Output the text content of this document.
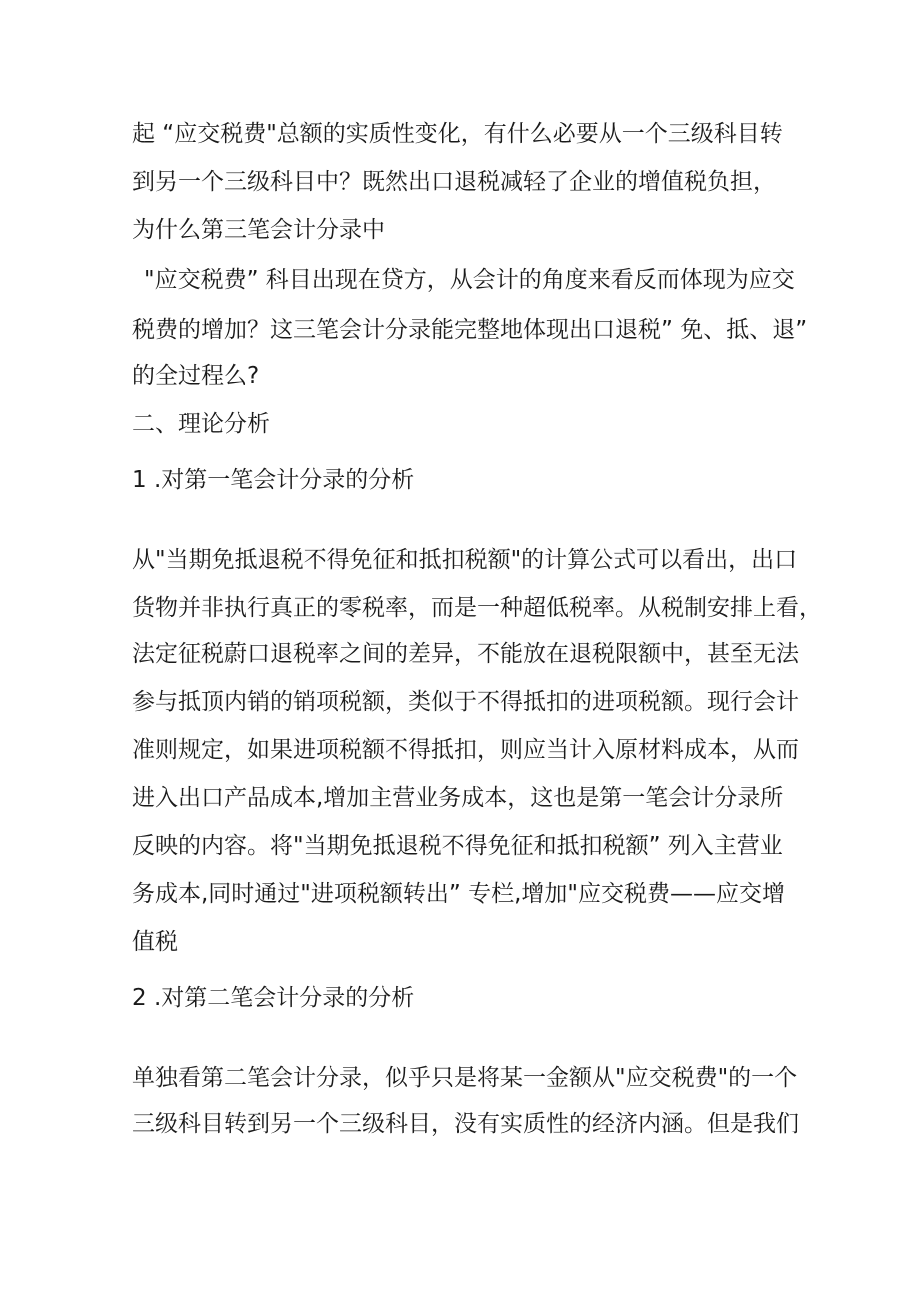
起 “应交税费"总额的实质性变化，有什么必要从一个三级科目转
到另一个三级科目中？既然出口退税减轻了企业的增值税负担，
为什么第三笔会计分录中
"应交税费” 科目出现在贷方，从会计的角度来看反而体现为应交
税费的增加？这三笔会计分录能完整地体现出口退税” 免、抵、退”
的全过程么?
二、理论分析
1 .对第一笔会计分录的分析
从"当期免抵退税不得免征和抵扣税额"的计算公式可以看出，出口
货物并非执行真正的零税率，而是一种超低税率。从税制安排上看，
法定征税蔚口退税率之间的差异，不能放在退税限额中，甚至无法
参与抵顶内销的销项税额，类似于不得抵扣的进项税额。现行会计
准则规定，如果进项税额不得抵扣，则应当计入原材料成本，从而
进入出口产品成本,增加主营业务成本，这也是第一笔会计分录所
反映的内容。将"当期免抵退税不得免征和抵扣税额” 列入主营业
务成本,同时通过"进项税额转出” 专栏,增加"应交税费——应交增
值税
2 .对第二笔会计分录的分析
单独看第二笔会计分录，似乎只是将某一金额从"应交税费"的一个
三级科目转到另一个三级科目，没有实质性的经济内涵。但是我们
